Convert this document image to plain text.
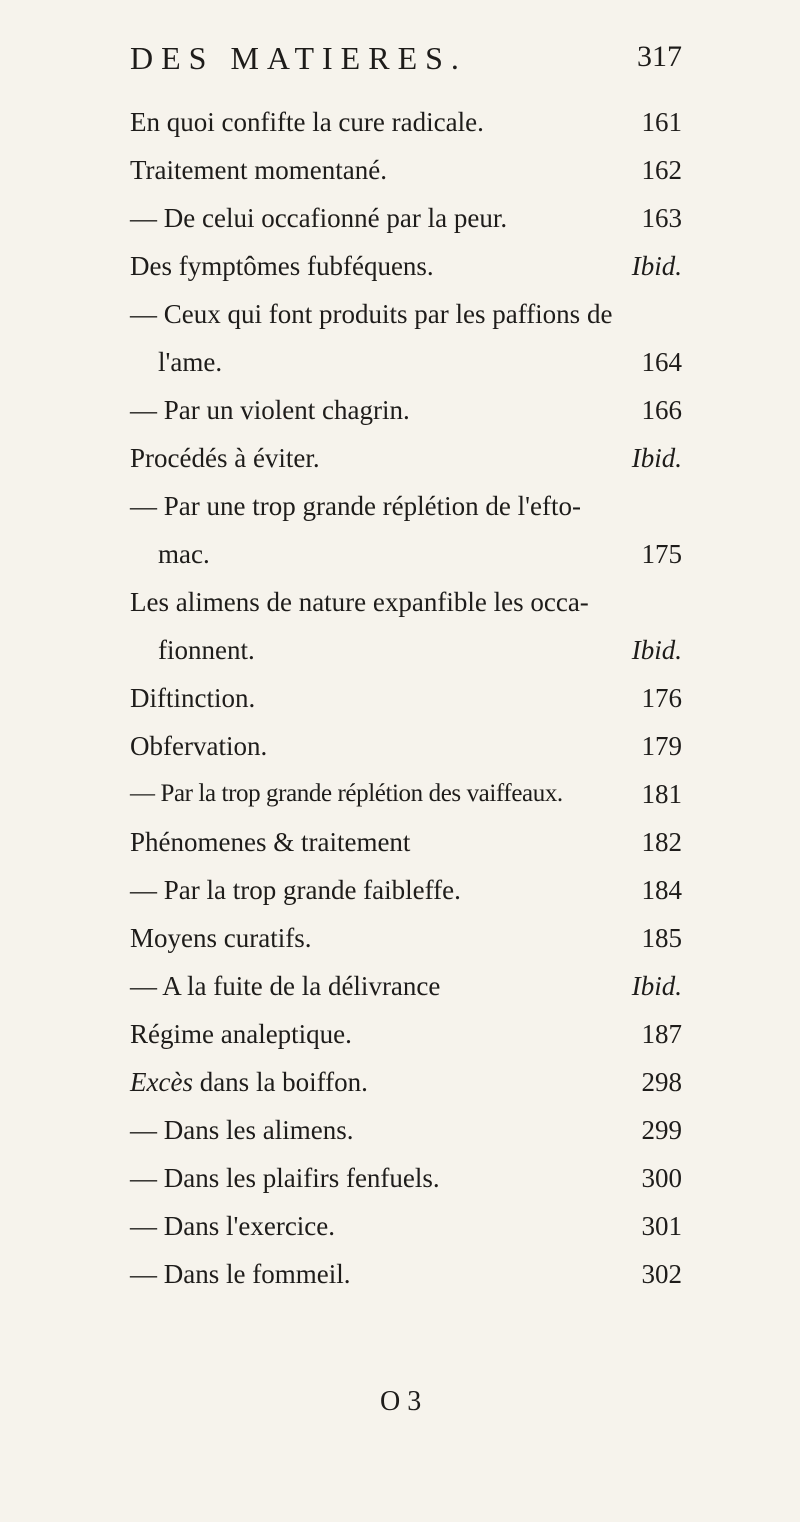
DES MATIERES.	317
En quoi confifte la cure radicale.	161
Traitement momentané.	162
— De celui occafionné par la peur.	163
Des fymptômes fubféquens.	Ibid.
— Ceux qui font produits par les paffions de
l'ame.	164
— Par un violent chagrin.	166
Procédés à éviter.	Ibid.
— Par une trop grande réplétion de l'efto-
mac.	175
Les alimens de nature expanfible les occa-
fionnent.	Ibid.
Diftinction.	176
Obfervation.	179
— Par la trop grande réplétion des vaiffeaux.	181
Phénomenes & traitement	182
— Par la trop grande faibleffe.	184
Moyens curatifs.	185
— A la fuite de la délivrance	Ibid.
Régime analeptique.	187
Excès dans la boiffon.	298
— Dans les alimens.	299
— Dans les plaifirs fenfuels.	300
— Dans l'exercice.	301
— Dans le fommeil.	302
O 3
